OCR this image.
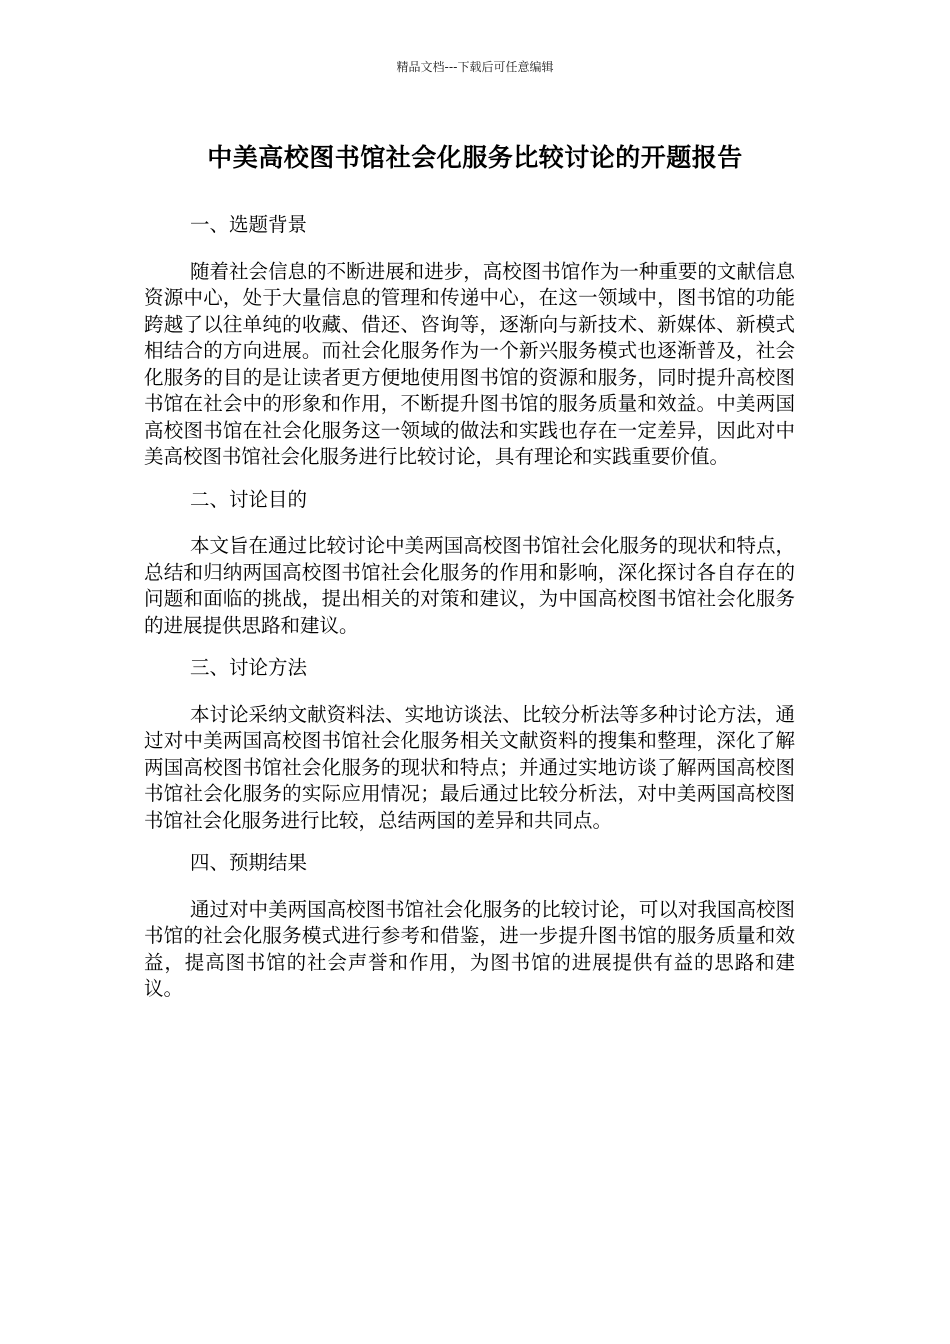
精品文档---下载后可任意编辑
中美高校图书馆社会化服务比较讨论的开题报告

一、选题背景

随着社会信息的不断进展和进步，高校图书馆作为一种重要的文献信息资源中心，处于大量信息的管理和传递中心，在这一领域中，图书馆的功能跨越了以往单纯的收藏、借还、咨询等，逐渐向与新技术、新媒体、新模式相结合的方向进展。而社会化服务作为一个新兴服务模式也逐渐普及，社会化服务的目的是让读者更方便地使用图书馆的资源和服务，同时提升高校图书馆在社会中的形象和作用，不断提升图书馆的服务质量和效益。中美两国高校图书馆在社会化服务这一领域的做法和实践也存在一定差异，因此对中美高校图书馆社会化服务进行比较讨论，具有理论和实践重要价值。

二、讨论目的

本文旨在通过比较讨论中美两国高校图书馆社会化服务的现状和特点，总结和归纳两国高校图书馆社会化服务的作用和影响，深化探讨各自存在的问题和面临的挑战，提出相关的对策和建议，为中国高校图书馆社会化服务的进展提供思路和建议。

三、讨论方法

本讨论采纳文献资料法、实地访谈法、比较分析法等多种讨论方法，通过对中美两国高校图书馆社会化服务相关文献资料的搜集和整理，深化了解两国高校图书馆社会化服务的现状和特点；并通过实地访谈了解两国高校图书馆社会化服务的实际应用情况；最后通过比较分析法，对中美两国高校图书馆社会化服务进行比较，总结两国的差异和共同点。

四、预期结果

通过对中美两国高校图书馆社会化服务的比较讨论，可以对我国高校图书馆的社会化服务模式进行参考和借鉴，进一步提升图书馆的服务质量和效益，提高图书馆的社会声誉和作用，为图书馆的进展提供有益的思路和建议。
